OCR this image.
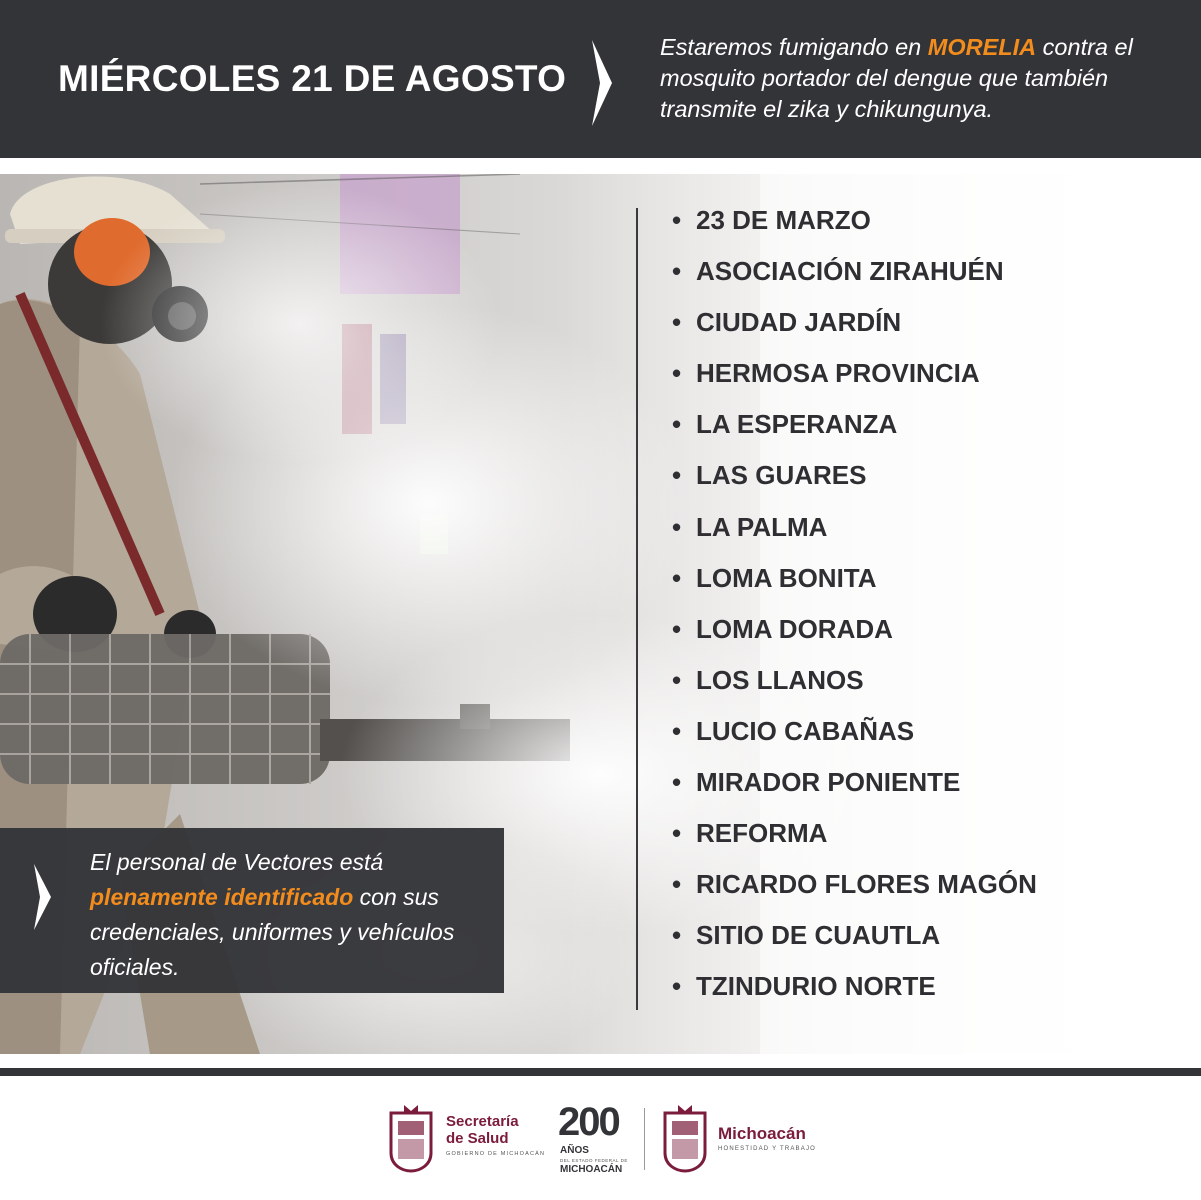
MIÉRCOLES 21 DE AGOSTO
Estaremos fumigando en MORELIA contra el mosquito portador del dengue que también transmite el zika y chikungunya.
• 23 DE MARZO
• ASOCIACIÓN ZIRAHUÉN
• CIUDAD JARDÍN
• HERMOSA PROVINCIA
• LA ESPERANZA
• LAS GUARES
• LA PALMA
• LOMA BONITA
• LOMA DORADA
• LOS LLANOS
• LUCIO CABAÑAS
• MIRADOR PONIENTE
• REFORMA
• RICARDO FLORES MAGÓN
• SITIO DE CUAUTLA
• TZINDURIO NORTE
El personal de Vectores está plenamente identificado con sus credenciales, uniformes y vehículos oficiales.
Secretaría
de Salud
GOBIERNO DE MICHOACÁN
200
AÑOS
DEL ESTADO FEDERAL DE
MICHOACÁN
Michoacán
HONESTIDAD Y TRABAJO
